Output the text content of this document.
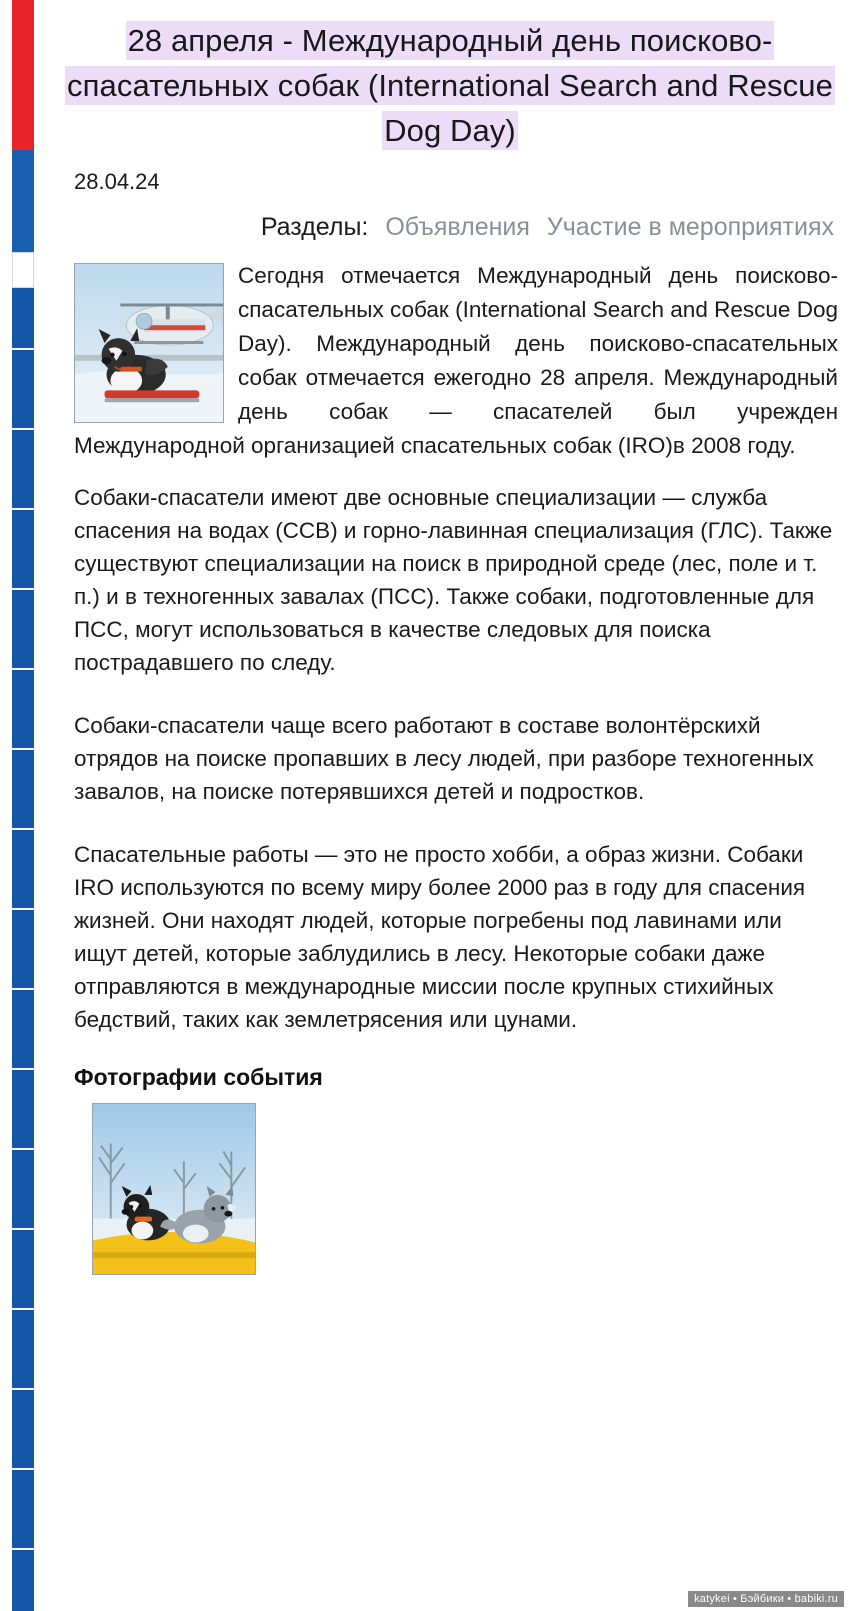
28 апреля - Международный день поисково-спасательных собак (International Search and Rescue Dog Day)
28.04.24
Разделы: Объявления Участие в мероприятиях
Сегодня отмечается Международный день поисково-спасательных собак (International Search and Rescue Dog Day). Международный день поисково-спасательных собак отмечается ежегодно 28 апреля. Международный день собак — спасателей был учрежден Международной организацией спасательных собак (IRO)в 2008 году.

Собаки-спасатели имеют две основные специализации — служба спасения на водах (ССВ) и горно-лавинная специализация (ГЛС). Также существуют специализации на поиск в природной среде (лес, поле и т. п.) и в техногенных завалах (ПСС). Также собаки, подготовленные для ПСС, могут использоваться в качестве следовых для поиска пострадавшего по следу.

Собаки-спасатели чаще всего работают в составе волонтёрскихй отрядов на поиске пропавших в лесу людей, при разборе техногенных завалов, на поиске потерявшихся детей и подростков.

Спасательные работы — это не просто хобби, а образ жизни. Собаки IRO используются по всему миру более 2000 раз в году для спасения жизней. Они находят людей, которые погребены под лавинами или ищут детей, которые заблудились в лесу. Некоторые собаки даже отправляются в международные миссии после крупных стихийных бедствий, таких как землетрясения или цунами.

Фотографии события
katykei • Бэйбики • babiki.ru
